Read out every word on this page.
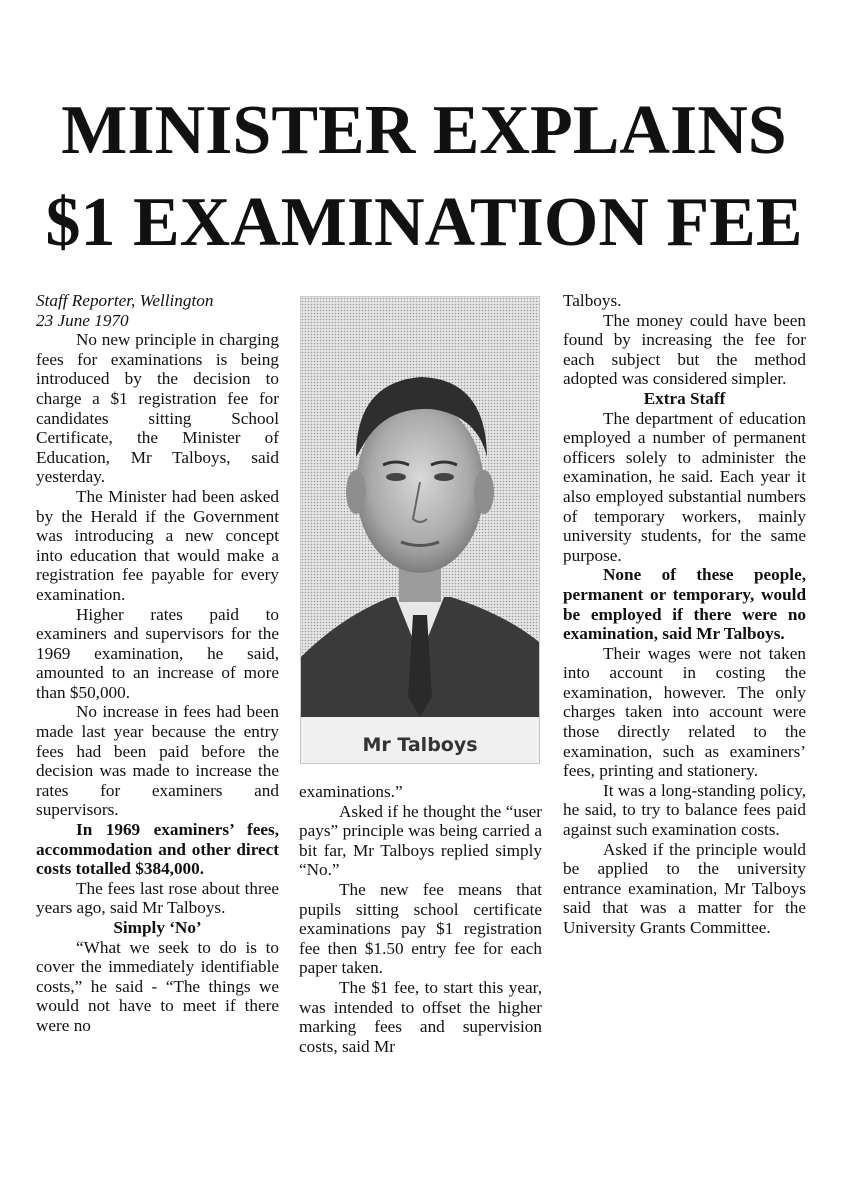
MINISTER EXPLAINS
$1 EXAMINATION FEE

Staff Reporter, Wellington

23 June 1970

No new principle in charging fees for examinations is being introduced by the decision to charge a $1 registration fee for candidates sitting School Certificate, the Minister of Education, Mr Talboys, said yesterday.

The Minister had been asked by the Herald if the Government was introducing a new concept into education that would make a registration fee payable for every examination.

Higher rates paid to examiners and supervisors for the 1969 examination, he said, amounted to an increase of more than $50,000.

No increase in fees had been made last year because the entry fees had been paid before the decision was made to increase the rates for examiners and supervisors.

In 1969 examiners’ fees, accommodation and other direct costs totalled $384,000.

The fees last rose about three years ago, said Mr Talboys.

Simply ‘No’

“What we seek to do is to cover the immediately identifiable costs,” he said - “The things we would not have to meet if there were no

Mr Talboys

examinations.”

Asked if he thought the “user pays” principle was being carried a bit far, Mr Talboys replied simply “No.”

The new fee means that pupils sitting school certificate examinations pay $1 registration fee then $1.50 entry fee for each paper taken.

The $1 fee, to start this year, was intended to offset the higher marking fees and supervision costs, said Mr

Talboys.

The money could have been found by increasing the fee for each subject but the method adopted was considered simpler.

Extra Staff

The department of education employed a number of permanent officers solely to administer the examination, he said. Each year it also employed substantial numbers of temporary workers, mainly university students, for the same purpose.

None of these people, permanent or temporary, would be employed if there were no examination, said Mr Talboys.

Their wages were not taken into account in costing the examination, however. The only charges taken into account were those directly related to the examination, such as examiners’ fees, printing and stationery.

It was a long-standing policy, he said, to try to balance fees paid against such examination costs.

Asked if the principle would be applied to the university entrance examination, Mr Talboys said that was a matter for the University Grants Committee.
